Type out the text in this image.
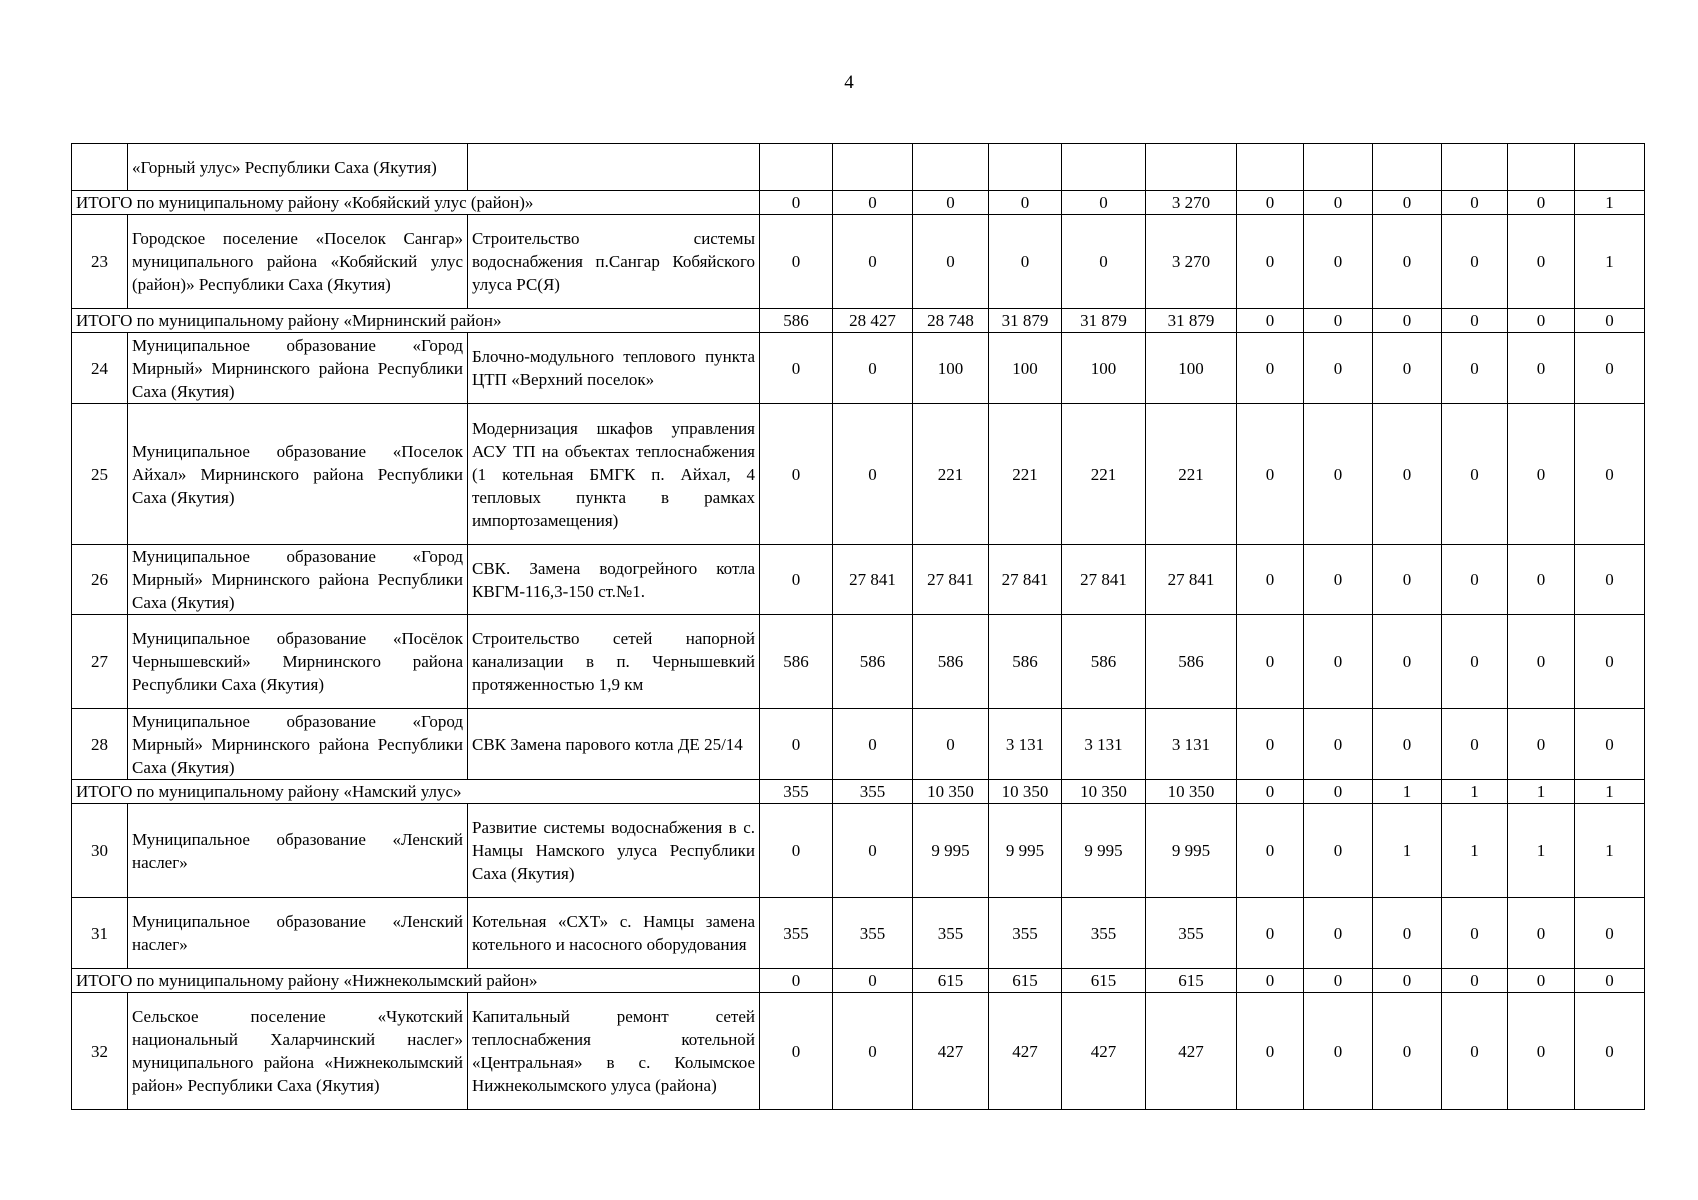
4
	«Горный улус» Республики Саха (Якутия)													
ИТОГО по муниципальному району «Кобяйский улус (район)»			0	0	0	0	0	3 270	0	0	0	0	0	1
23	Городское поселение «Поселок Сангар» муниципального района «Кобяйский улус (район)» Республики Саха (Якутия)	Строительство системы водоснабжения п.Сангар Кобяйского улуса РС(Я)	0	0	0	0	0	3 270	0	0	0	0	0	1
ИТОГО по муниципальному району «Мирнинский район»			586	28 427	28 748	31 879	31 879	31 879	0	0	0	0	0	0
24	Муниципальное образование «Город Мирный» Мирнинского района Республики Саха (Якутия)	Блочно-модульного теплового пункта ЦТП «Верхний поселок»	0	0	100	100	100	100	0	0	0	0	0	0
25	Муниципальное образование «Поселок Айхал» Мирнинского района Республики Саха (Якутия)	Модернизация шкафов управления АСУ ТП на объектах теплоснабжения (1 котельная БМГК п. Айхал, 4 тепловых пункта в рамках импортозамещения)	0	0	221	221	221	221	0	0	0	0	0	0
26	Муниципальное образование «Город Мирный» Мирнинского района Республики Саха (Якутия)	СВК. Замена водогрейного котла КВГМ-116,3-150 ст.№1.	0	27 841	27 841	27 841	27 841	27 841	0	0	0	0	0	0
27	Муниципальное образование «Посёлок Чернышевский» Мирнинского района Республики Саха (Якутия)	Строительство сетей напорной канализации в п. Чернышевкий протяженностью 1,9 км	586	586	586	586	586	586	0	0	0	0	0	0
28	Муниципальное образование «Город Мирный» Мирнинского района Республики Саха (Якутия)	СВК Замена парового котла ДЕ 25/14	0	0	0	3 131	3 131	3 131	0	0	0	0	0	0
ИТОГО по муниципальному району «Намский улус»			355	355	10 350	10 350	10 350	10 350	0	0	1	1	1	1
30	Муниципальное образование «Ленский наслег»	Развитие системы водоснабжения в с. Намцы Намского улуса Республики Саха (Якутия)	0	0	9 995	9 995	9 995	9 995	0	0	1	1	1	1
31	Муниципальное образование «Ленский наслег»	Котельная «СХТ» с. Намцы замена котельного и насосного оборудования	355	355	355	355	355	355	0	0	0	0	0	0
ИТОГО по муниципальному району «Нижнеколымский район»			0	0	615	615	615	615	0	0	0	0	0	0
32	Сельское поселение «Чукотский национальный Халарчинский наслег» муниципального района «Нижнеколымский район» Республики Саха (Якутия)	Капитальный ремонт сетей теплоснабжения котельной «Центральная» в с. Колымское Нижнеколымского улуса (района)	0	0	427	427	427	427	0	0	0	0	0	0
